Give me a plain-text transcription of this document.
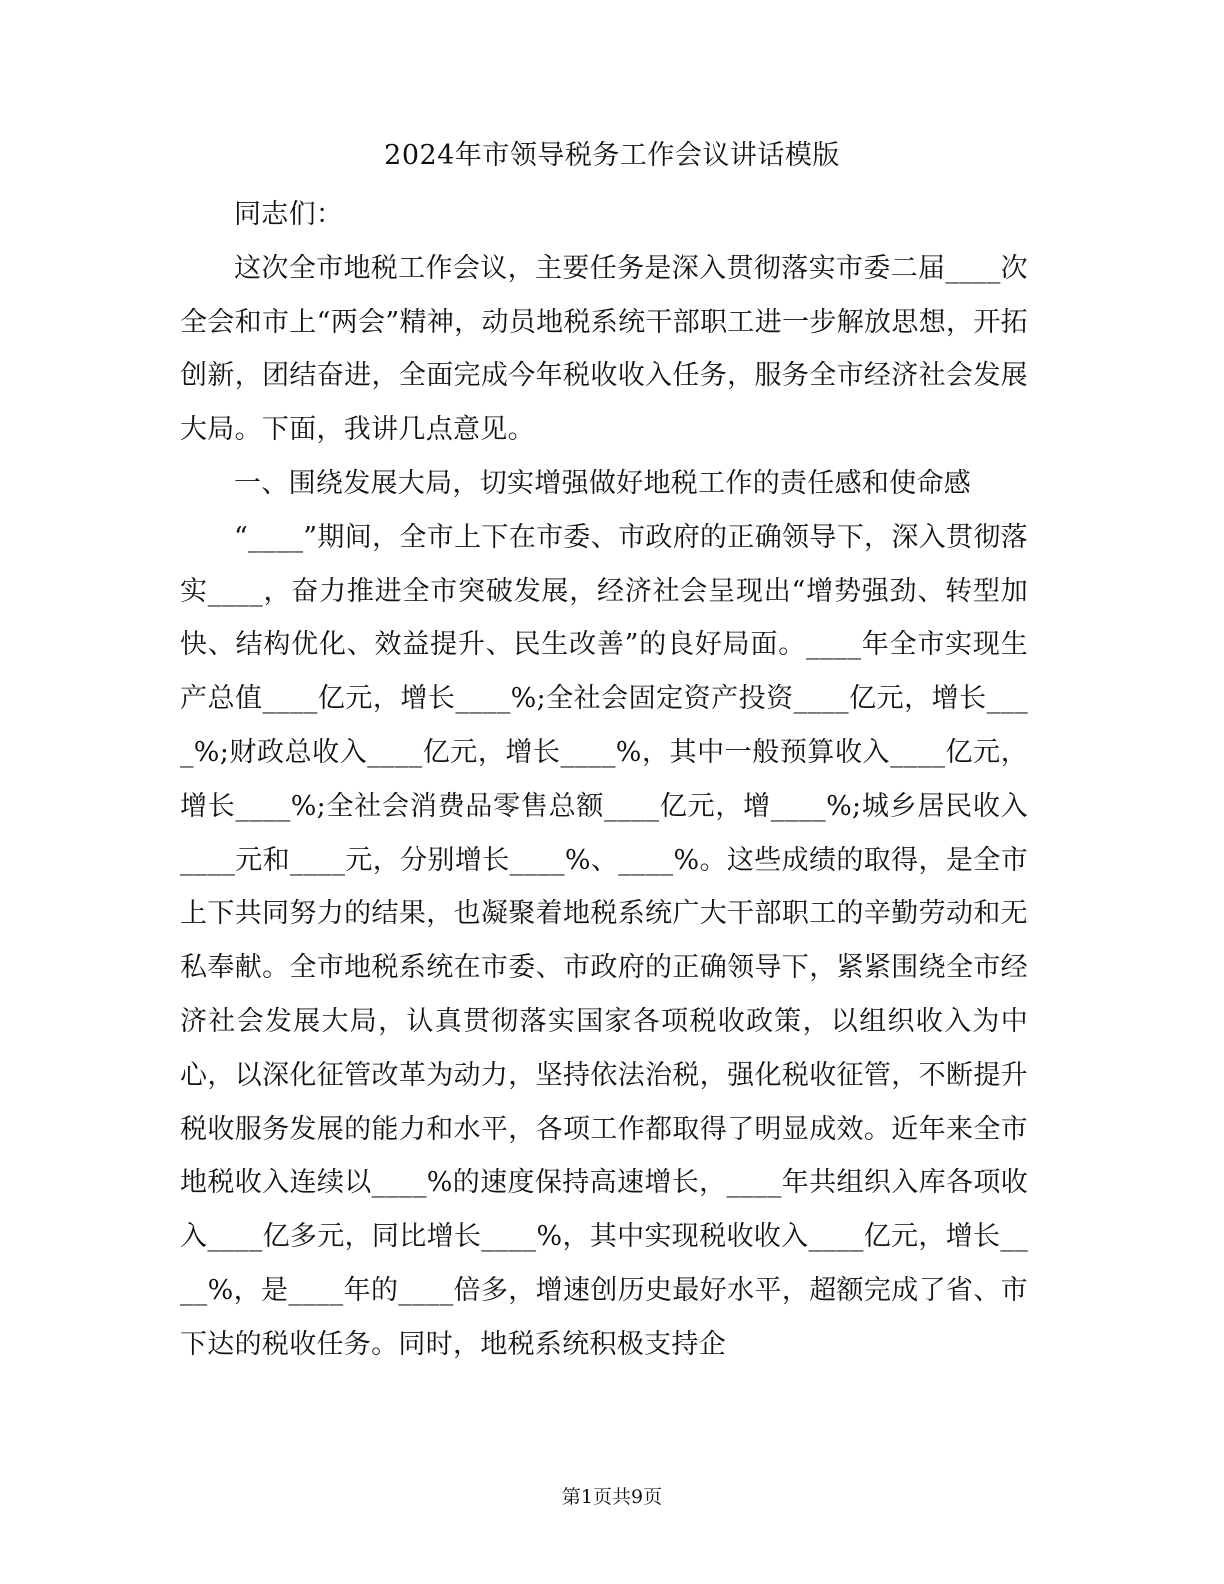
2024年市领导税务工作会议讲话模版

同志们：

这次全市地税工作会议，主要任务是深入贯彻落实市委二届____次全会和市上“两会”精神，动员地税系统干部职工进一步解放思想，开拓创新，团结奋进，全面完成今年税收收入任务，服务全市经济社会发展大局。下面，我讲几点意见。

一、围绕发展大局，切实增强做好地税工作的责任感和使命感

“____”期间，全市上下在市委、市政府的正确领导下，深入贯彻落实____，奋力推进全市突破发展，经济社会呈现出“增势强劲、转型加快、结构优化、效益提升、民生改善”的良好局面。____年全市实现生产总值____亿元，增长____%;全社会固定资产投资____亿元，增长____%;财政总收入____亿元，增长____%，其中一般预算收入____亿元，增长____%;全社会消费品零售总额____亿元，增____%;城乡居民收入____元和____元，分别增长____%、____%。这些成绩的取得，是全市上下共同努力的结果，也凝聚着地税系统广大干部职工的辛勤劳动和无私奉献。全市地税系统在市委、市政府的正确领导下，紧紧围绕全市经济社会发展大局，认真贯彻落实国家各项税收政策，以组织收入为中心，以深化征管改革为动力，坚持依法治税，强化税收征管，不断提升税收服务发展的能力和水平，各项工作都取得了明显成效。近年来全市地税收入连续以____%的速度保持高速增长，____年共组织入库各项收入____亿多元，同比增长____%，其中实现税收收入____亿元，增长____%，是____年的____倍多，增速创历史最好水平，超额完成了省、市下达的税收任务。同时，地税系统积极支持企

第1页共9页
